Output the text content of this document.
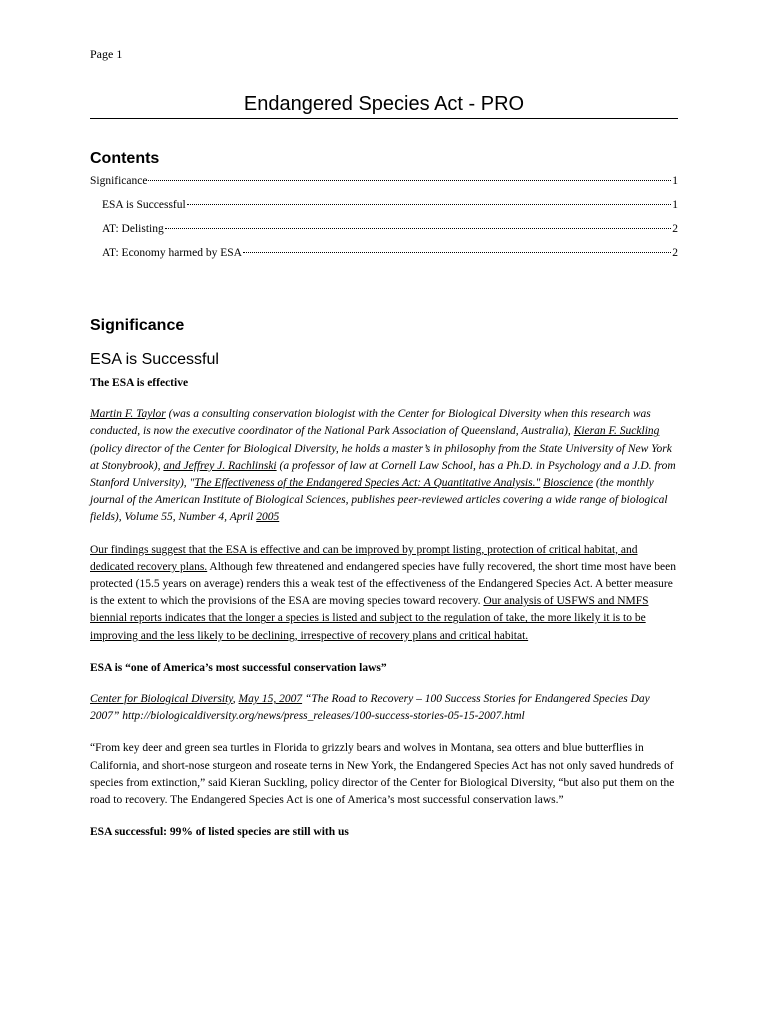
Page 1
Endangered Species Act - PRO
Contents
Significance	1
ESA is Successful	1
AT: Delisting	2
AT: Economy harmed by ESA	2
Significance
ESA is Successful

The ESA is effective

Martin F. Taylor (was a consulting conservation biologist with the Center for Biological Diversity when this research was conducted, is now the executive coordinator of the National Park Association of Queensland, Australia), Kieran F. Suckling (policy director of the Center for Biological Diversity, he holds a master’s in philosophy from the State University of New York at Stonybrook), and Jeffrey J. Rachlinski (a professor of law at Cornell Law School, has a Ph.D. in Psychology and a J.D. from Stanford University), "The Effectiveness of the Endangered Species Act: A Quantitative Analysis." Bioscience (the monthly journal of the American Institute of Biological Sciences, publishes peer-reviewed articles covering a wide range of biological fields), Volume 55, Number 4, April 2005

Our findings suggest that the ESA is effective and can be improved by prompt listing, protection of critical habitat, and dedicated recovery plans. Although few threatened and endangered species have fully recovered, the short time most have been protected (15.5 years on average) renders this a weak test of the effectiveness of the Endangered Species Act. A better measure is the extent to which the provisions of the ESA are moving species toward recovery. Our analysis of USFWS and NMFS biennial reports indicates that the longer a species is listed and subject to the regulation of take, the more likely it is to be improving and the less likely to be declining, irrespective of recovery plans and critical habitat.

ESA is “one of America’s most successful conservation laws”

Center for Biological Diversity, May 15, 2007 “The Road to Recovery – 100 Success Stories for Endangered Species Day 2007” http://biologicaldiversity.org/news/press_releases/100-success-stories-05-15-2007.html

“From key deer and green sea turtles in Florida to grizzly bears and wolves in Montana, sea otters and blue butterflies in California, and short-nose sturgeon and roseate terns in New York, the Endangered Species Act has not only saved hundreds of species from extinction,” said Kieran Suckling, policy director of the Center for Biological Diversity, “but also put them on the road to recovery. The Endangered Species Act is one of America’s most successful conservation laws.”

ESA successful: 99% of listed species are still with us
